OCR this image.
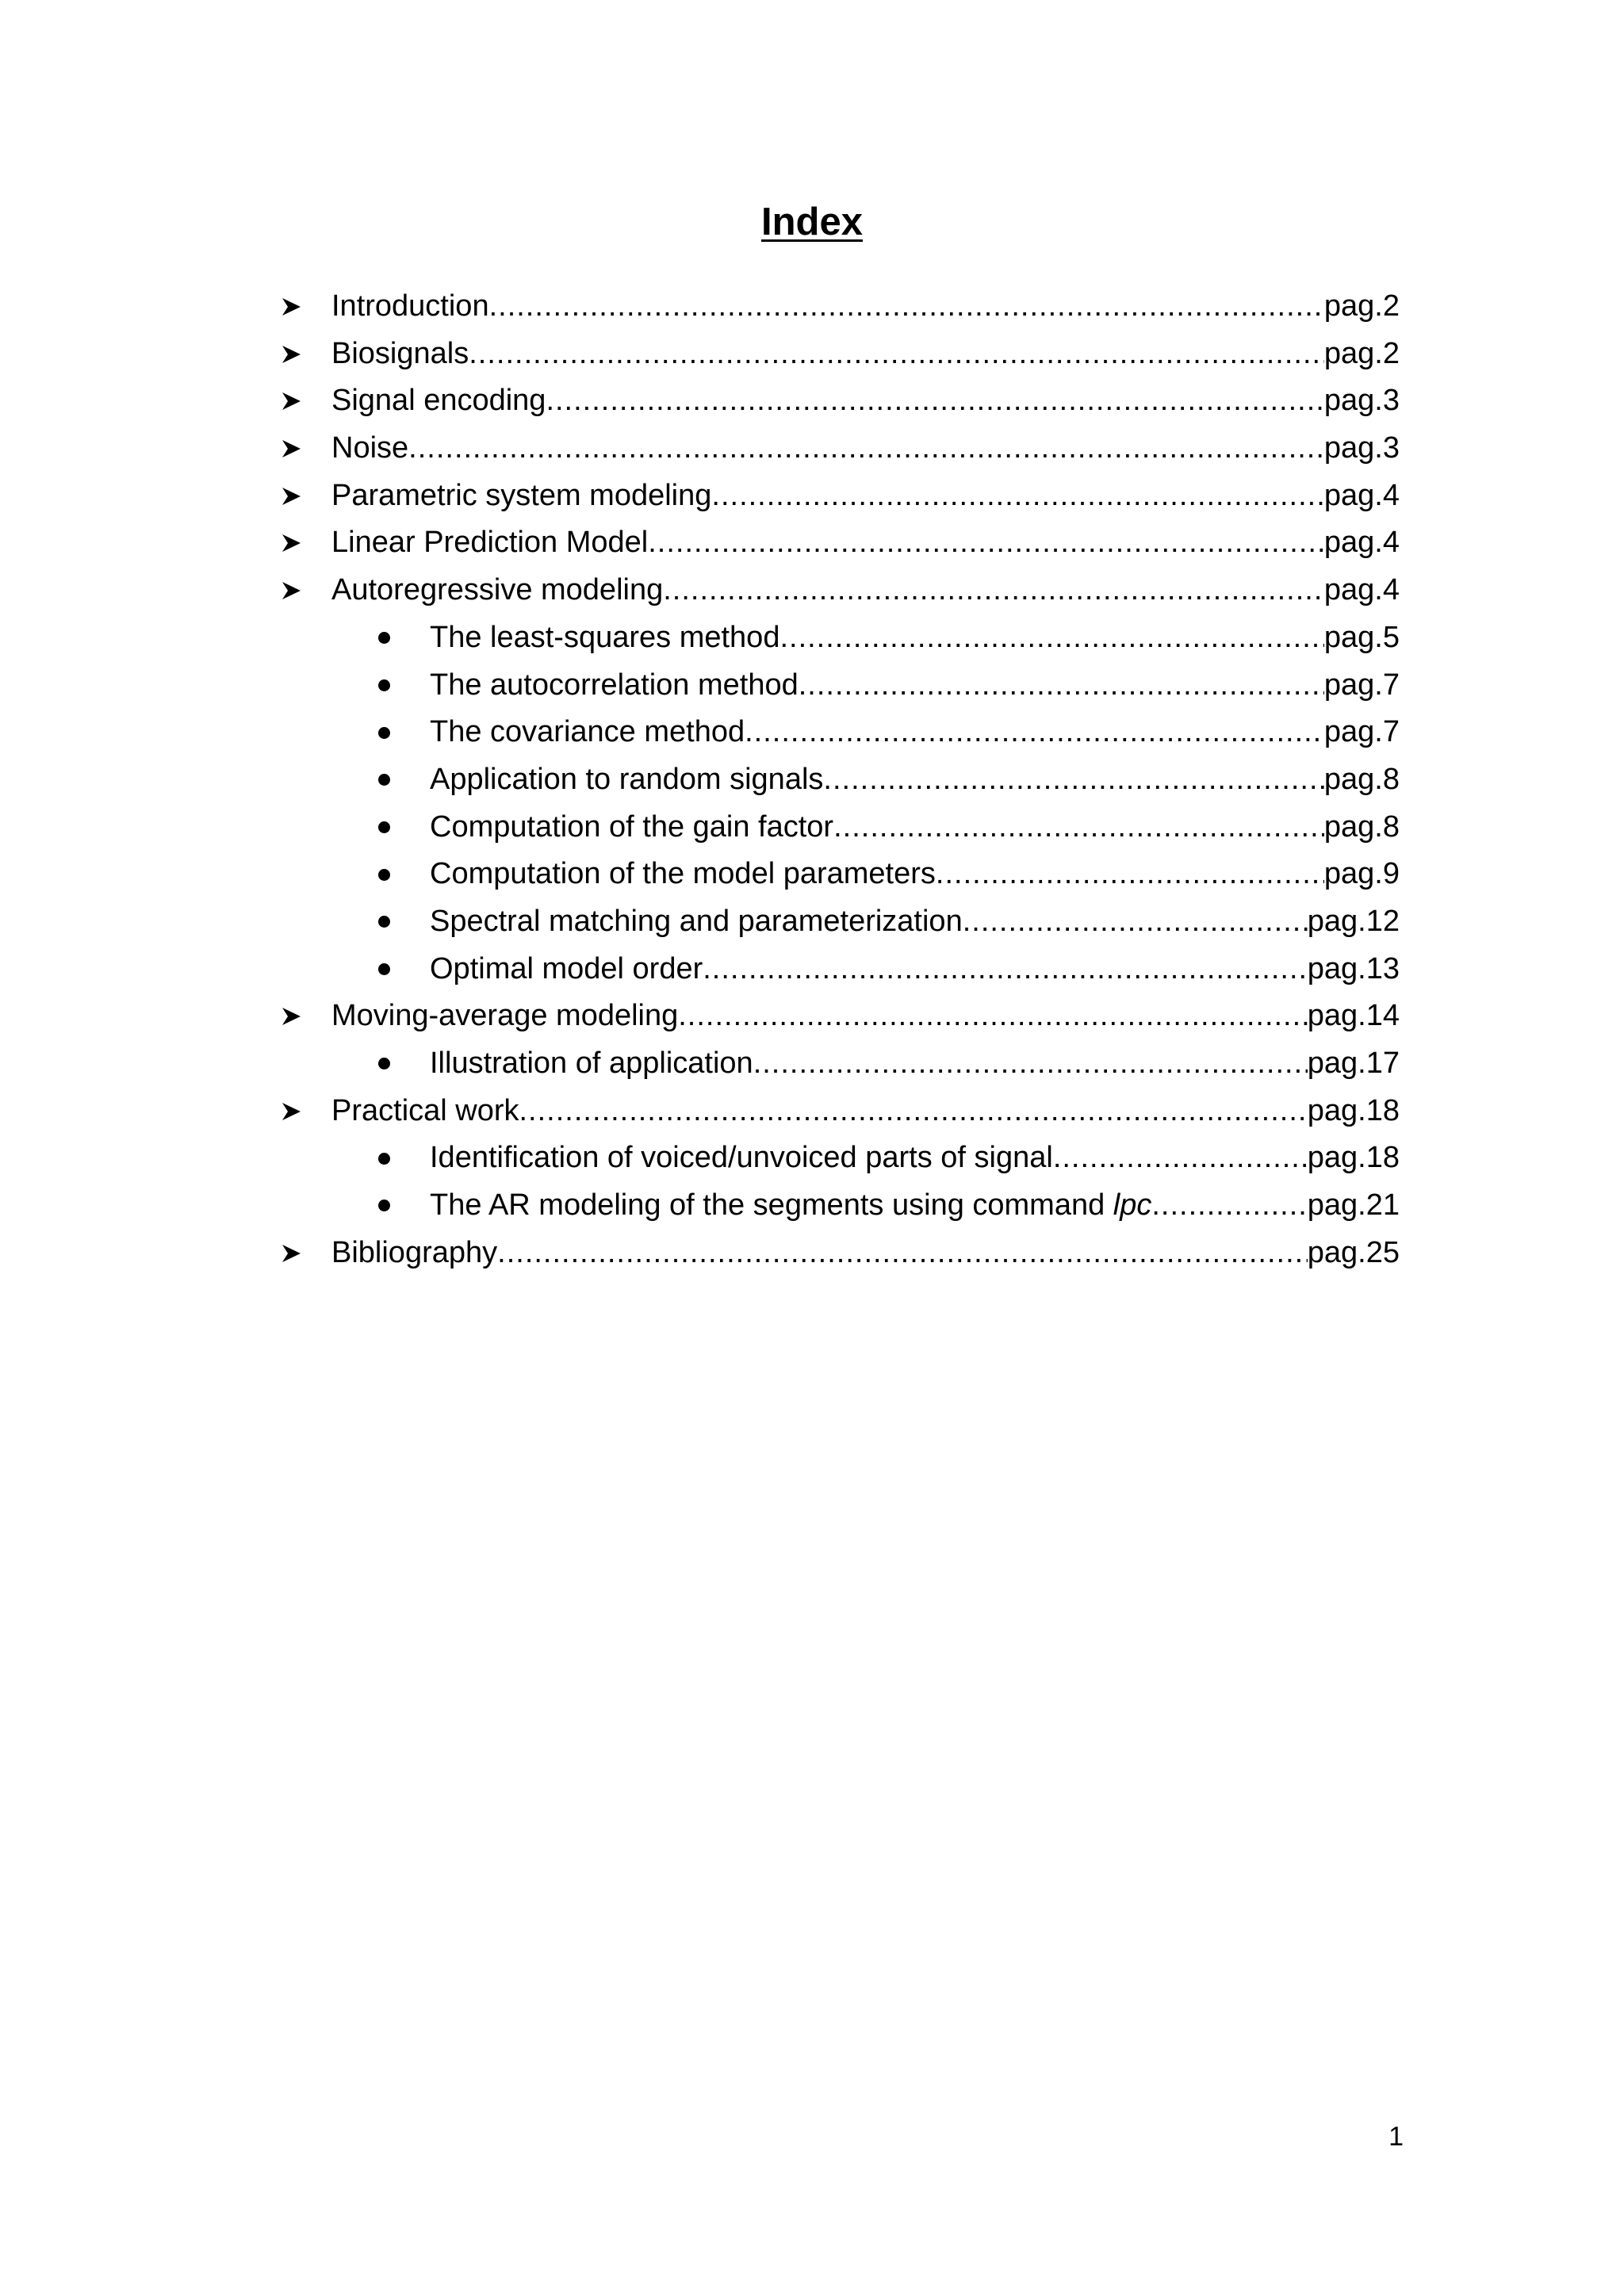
Index
Introduction .....	pag.2
Biosignals .....	pag.2
Signal encoding .....	pag.3
Noise .....	pag.3
Parametric system modeling .....	pag.4
Linear Prediction Model .....	pag.4
Autoregressive modeling .....	pag.4
The least-squares method .....	pag.5
The autocorrelation method .....	pag.7
The covariance method .....	pag.7
Application to random signals .....	pag.8
Computation of the gain factor .....	pag.8
Computation of the model parameters .....	pag.9
Spectral matching and parameterization .....	pag.12
Optimal model order .....	pag.13
Moving-average modeling .....	pag.14
Illustration of application .....	pag.17
Practical work .....	pag.18
Identification of voiced/unvoiced parts of signal .....	pag.18
The AR modeling of the segments using command lpc .....	pag.21
Bibliography .....	pag.25
1
